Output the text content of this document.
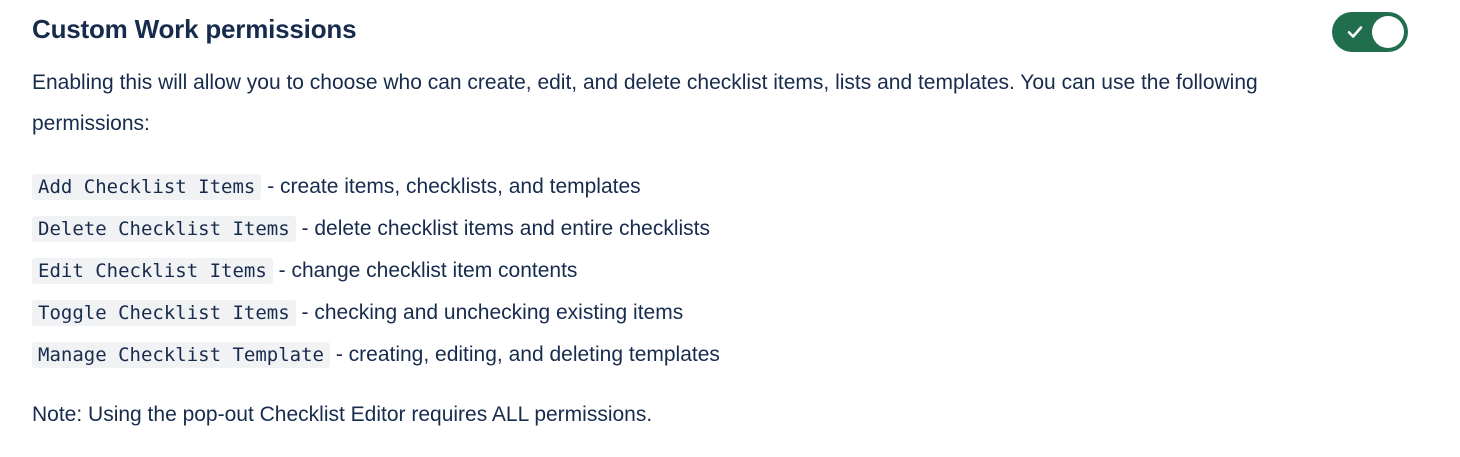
Custom Work permissions

Enabling this will allow you to choose who can create, edit, and delete checklist items, lists and templates. You can use the following permissions:

Add Checklist Items - create items, checklists, and templates
Delete Checklist Items - delete checklist items and entire checklists
Edit Checklist Items - change checklist item contents
Toggle Checklist Items - checking and unchecking existing items
Manage Checklist Template - creating, editing, and deleting templates

Note: Using the pop-out Checklist Editor requires ALL permissions.
